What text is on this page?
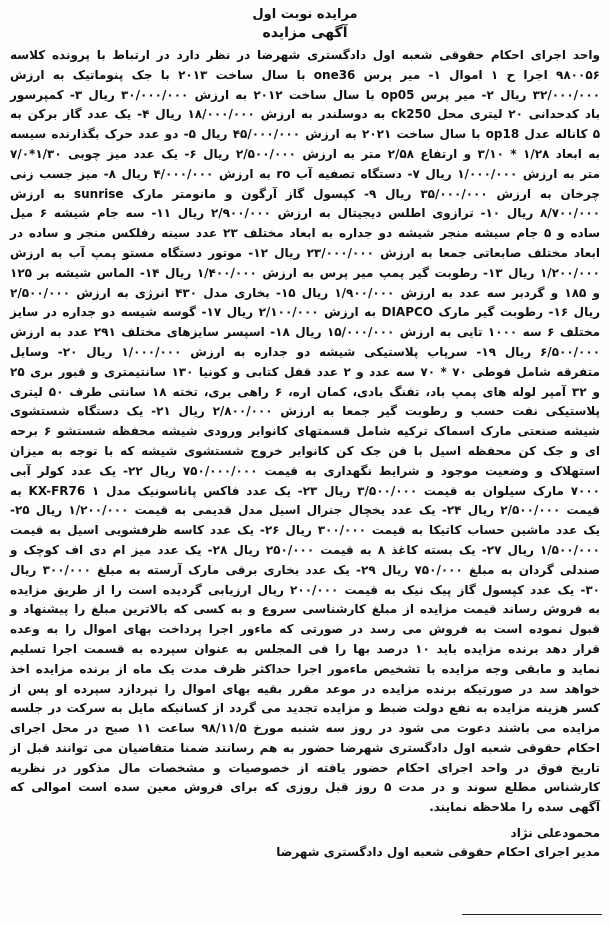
مرایده نوبت اول
آگهی مزایده
واحد اجرای احکام حقوقی شعبه اول دادگستری شهرضا در نظر دارد در ارتباط با پرونده کلاسه ۹۸۰۰۵۶ اجرا ح ۱ اموال ۱- میر پرس one36 با سال ساخت ۲۰۱۳ با جک پنوماتیک به ارزش ۳۲/۰۰۰/۰۰۰ ریال ۲- میر پرس op05 با سال ساخت ۲۰۱۲ به ارزش ۳۰/۰۰۰/۰۰۰ ریال ۳- کمپرسور باد کدحدانی ۲۰ لیتری محل ck250 به دوسلندر به ارزش ۱۸/۰۰۰/۰۰۰ ریال ۴- یک عدد گاز برکن به ۵ کاناله عدل op18 با سال ساخت ۲۰۲۱ به ارزش ۴۵/۰۰۰/۰۰۰ ریال ۵- دو عدد حرک بگذارنده سیسه به ابعاد ۱/۲۸ * ۳/۱۰ و ارتفاع ۲/۵۸ متر به ارزش ۲/۵۰۰/۰۰۰ ریال ۶- یک عدد میز چوبی ۱/۳۰*۷/۰ متر به ارزش ۱/۰۰۰/۰۰۰ ریال ۷- دستگاه تصفیه آب ro به ارزش ۴/۰۰۰/۰۰۰ ریال ۸- میز جسب زنی چرخان به ارزش ۳۵/۰۰۰/۰۰۰ ریال ۹- کپسول گاز آرگون و مانومتر مارک sunrise به ارزش ۸/۷۰۰/۰۰۰ ریال ۱۰- ترازوی اطلس دیجیتال به ارزش ۲/۹۰۰/۰۰۰ ریال ۱۱- سه جام شیشه ۶ میل ساده و ۵ جام سیشه منجر شیشه دو جداره به ابعاد مختلف ۲۳ عدد سینه رفلکس منجر و ساده در ابعاد مختلف صابعاتی جمعا به ارزش ۲۳/۰۰۰/۰۰۰ ریال ۱۲- موتور دستگاه مستو پمپ آب به ارزش ۱/۲۰۰/۰۰۰ ریال ۱۳- رطوبت گیر پمپ میر پرس به ارزش ۱/۴۰۰/۰۰۰ ریال ۱۴- الماس شیشه بر ۱۲۵ و ۱۸۵ و گردبر سه عدد به ارزش ۱/۹۰۰/۰۰۰ ریال ۱۵- بخاری مدل ۴۳۰ انرژی به ارزش ۲/۵۰۰/۰۰۰ ریال ۱۶- رطوبت گیر مارک DIAPCO به ارزش ۲/۱۰۰/۰۰۰ ریال ۱۷- گوسه شیسه دو جداره در سایز مختلف ۶ سه ۱۰۰۰ تایی به ارزش ۱۵/۰۰۰/۰۰۰ ریال ۱۸- اسپسر سایزهای مختلف ۲۹۱ عدد به ارزش ۶/۵۰۰/۰۰۰ ریال ۱۹- سرپاب پلاستیکی شیشه دو جداره به ارزش ۱/۰۰۰/۰۰۰ ریال ۲۰- وسایل متفرقه شامل فوطی ۷۰ * ۷۰ سه عدد و ۲ عدد قفل کتابی و کونیا ۱۳۰ سانتیمتری و قبور بری ۲۵ و ۳۲ آمپر لوله های پمپ باد، تفنگ بادی، کمان اره، ۶ راهی بری، تخته ۱۸ سانتی طرف ۵۰ لیتری پلاستیکی نفت حسب و رطوبت گیر جمعا به ارزش ۲/۸۰۰/۰۰۰ ریال ۲۱- یک دستگاه شستشوی شیشه صنعتی مارک اسماک ترکیه شامل قسمتهای کانوایر ورودی شیشه محفظه شستشو ۶ برحه ای و جک کن محفظه اسیل با فن جک کن کانوایر خروج شستشوی شیشه که با توجه به میزان استهلاک و وضعیت موجود و شرایط نگهداری به قیمت ۷۵۰/۰۰۰/۰۰۰ ریال ۲۲- یک عدد کولر آبی ۷۰۰۰ مارک سیلوان به قیمت ۳/۵۰۰/۰۰۰ ریال ۲۳- یک عدد فاکس پاناسونیک مدل KX-FR76 ۱ به قیمت ۲/۵۰۰/۰۰۰ ریال ۲۴- یک عدد یخچال جنرال اسیل مدل قدیمی به قیمت ۱/۲۰۰/۰۰۰ ریال ۲۵- یک عدد ماشین حساب کاتیکا به قیمت ۳۰۰/۰۰۰ ریال ۲۶- یک عدد کاسه ظرفشویی اسیل به قیمت ۱/۵۰۰/۰۰۰ ریال ۲۷- یک بسته کاغذ ۸ به قیمت ۲۵۰/۰۰۰ ریال ۲۸- یک عدد میز ام دی اف کوچک و صندلی گردان به مبلغ ۷۵۰/۰۰۰ ریال ۲۹- یک عدد بخاری برقی مارک آرسته به مبلغ ۳۰۰/۰۰۰ ریال ۳۰- یک عدد کپسول گاز پیک نیک به قیمت ۲۰۰/۰۰۰ ریال ارزیابی گردیده است را از طریق مزایده به فروش رساند قیمت مزایده از مبلغ کارشناسی سروع و به کسی که بالاترین مبلغ را پیشنهاد و قبول نموده است به فروش می رسد در صورتی که ماءور اجرا پرداخت بهای اموال را به وعده قرار دهد برنده مزایده باید ۱۰ درصد بها را فی المجلس به عنوان سپرده به قسمت اجرا تسلیم نماید و مابقی وجه مزایده با تشخیص ماءمور اجرا حداکثر ظرف مدت یک ماه از برنده مزایده اخذ خواهد سد در صورتیکه برنده مزایده در موعد مقرر بقیه بهای اموال را نپردازد سپرده او پس از کسر هزینه مزایده به نفع دولت ضبط و مزایده تجدید می گردد از کسانیکه مایل به سرکت در جلسه مزایده می باشند دعوت می شود در روز سه شنبه مورخ ۹۸/۱۱/۵ ساعت ۱۱ صبح در محل اجرای احکام حقوقی شعبه اول دادگستری شهرضا حضور به هم رسانند ضمنا متقاضیان می توانند قبل از تاریخ فوق در واحد اجرای احکام حضور یافته از خصوصیات و مشخصات مال مذکور در نظریه کارشناس مطلع سوند و در مدت ۵ روز قبل روزی که برای فروش معین سده است اموالی که آگهی سده را ملاحظه نمایند.
محمودعلی نژاد
مدیر اجرای احکام حقوقی شعبه اول دادگستری شهرضا
